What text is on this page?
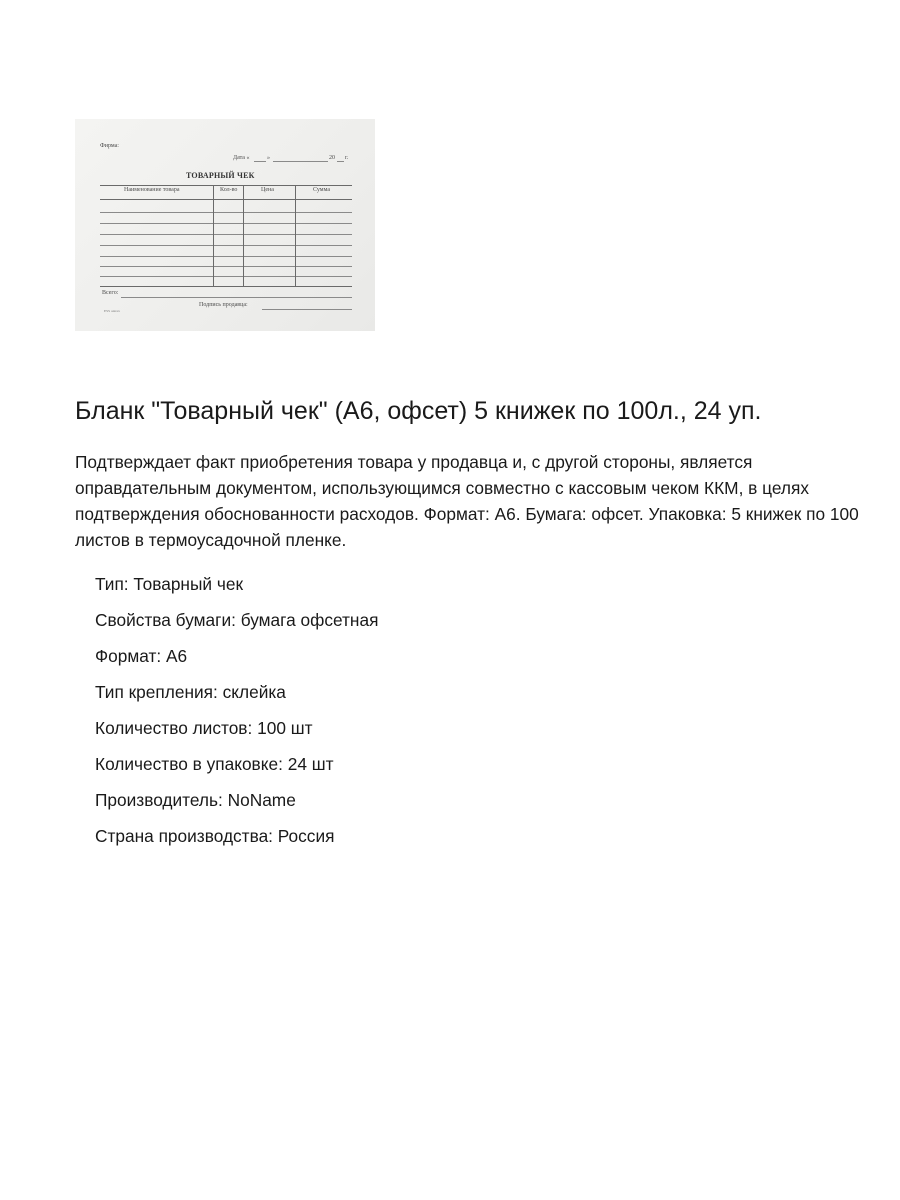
Фирма:
Дата «	»	20 г.
ТОВАРНЫЙ ЧЕК
Наименование товара	Кол-во	Цена	Сумма
Всего:
Подпись продавца:
ESS ontrax
Бланк "Товарный чек" (А6, офсет) 5 книжек по 100л., 24 уп.

Подтверждает факт приобретения товара у продавца и, с другой стороны, является оправдательным документом, использующимся совместно с кассовым чеком ККМ, в целях подтверждения обоснованности расходов. Формат: А6. Бумага: офсет. Упаковка: 5 книжек по 100 листов в термоусадочной пленке.

Тип: Товарный чек
Свойства бумаги: бумага офсетная
Формат: А6
Тип крепления: склейка
Количество листов: 100 шт
Количество в упаковке: 24 шт
Производитель: NoName
Страна производства: Россия
